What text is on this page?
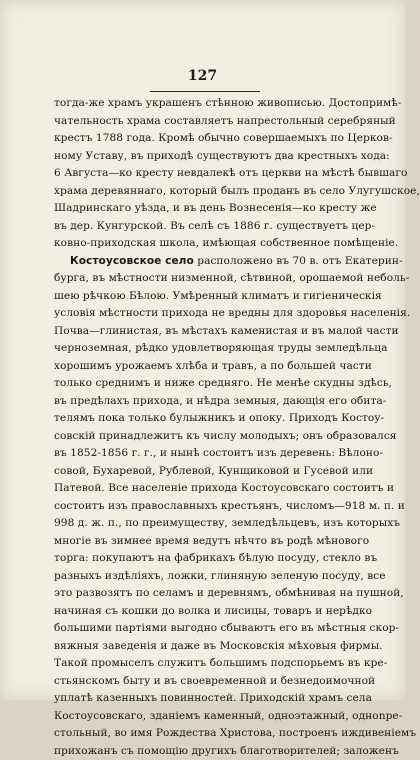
127
тогда-же храмъ украшенъ стѣнною живописью. Достопримѣ-
чательность храма составляетъ напрестольный серебряный
крестъ 1788 года. Кромѣ обычно совершаемыхъ по Церков-
ному Уставу, въ приходѣ существуютъ два крестныхъ хода:
6 Августа—ко кресту невдалекѣ отъ церкви на мѣстѣ бывшаго
храма деревяннаго, который былъ проданъ въ село Улугушское,
Шадринскаго уѣзда, и въ день Вознесенія—ко кресту же
въ дер. Кунгурской. Въ селѣ съ 1886 г. существуетъ цер-
ковно-приходская школа, имѣющая собственное помѣщеніе.
Костоусовское село расположено въ 70 в. отъ Екатерин-
бурга, въ мѣстности низменной, сѣтвиной, орошаемой неболь-
шею рѣчкою Бѣлою. Умѣренный климатъ и гигіеническія
условія мѣстности прихода не вредны для здоровья населенія.
Почва—глинистая, въ мѣстахъ каменистая и въ малой части
черноземная, рѣдко удовлетворяющая труды земледѣльца
хорошимъ урожаемъ хлѣба и травъ, а по большей части
только среднимъ и ниже средняго. Не менѣе скудны здѣсь,
въ предѣлахъ прихода, и нѣдра земныя, дающія его обита-
телямъ пока только булыжникъ и опоку. Приходъ Костоу-
совскій принадлежитъ къ числу молодыхъ; онъ образовался
въ 1852-1856 г. г., и нынѣ состоитъ изъ деревень: Вѣлоно-
совой, Бухаревой, Рублевой, Кунщиковой и Гусевой или
Патевой. Все населеніе прихода Костоусовскаго состоитъ и
состоитъ изъ православныхъ крестьянъ, числомъ—918 м. п. и
998 д. ж. п., по преимуществу, земледѣльцевъ, изъ которыхъ
многіе въ зимнее время ведутъ нѣчто въ родѣ мѣнового
торга: покупаютъ на фабрикахъ бѣлую посуду, стекло въ
разныхъ издѣліяхъ, ложки, глиняную зеленую посуду, все
это развозятъ по селамъ и деревнямъ, обмѣнивая на пушной,
начиная съ кошки до волка и лисицы, товаръ и нерѣдко
большими партіями выгодно сбываютъ его въ мѣстныя скор-
вяжныя заведенія и даже въ Московскія мѣховыя фирмы.
Такой промыселъ служитъ большимъ подспорьемъ въ кре-
стьянскомъ быту и въ своевременной и безнедоимочной
уплатѣ казенныхъ повинностей. Приходскій храмъ села
Костоусовскаго, зданіемъ каменный, одноэтажный, одноnре-
стольный, во имя Рождества Христова, построенъ иждивеніемъ
прихожанъ съ помощію другихъ благотворителей; заложенъ
